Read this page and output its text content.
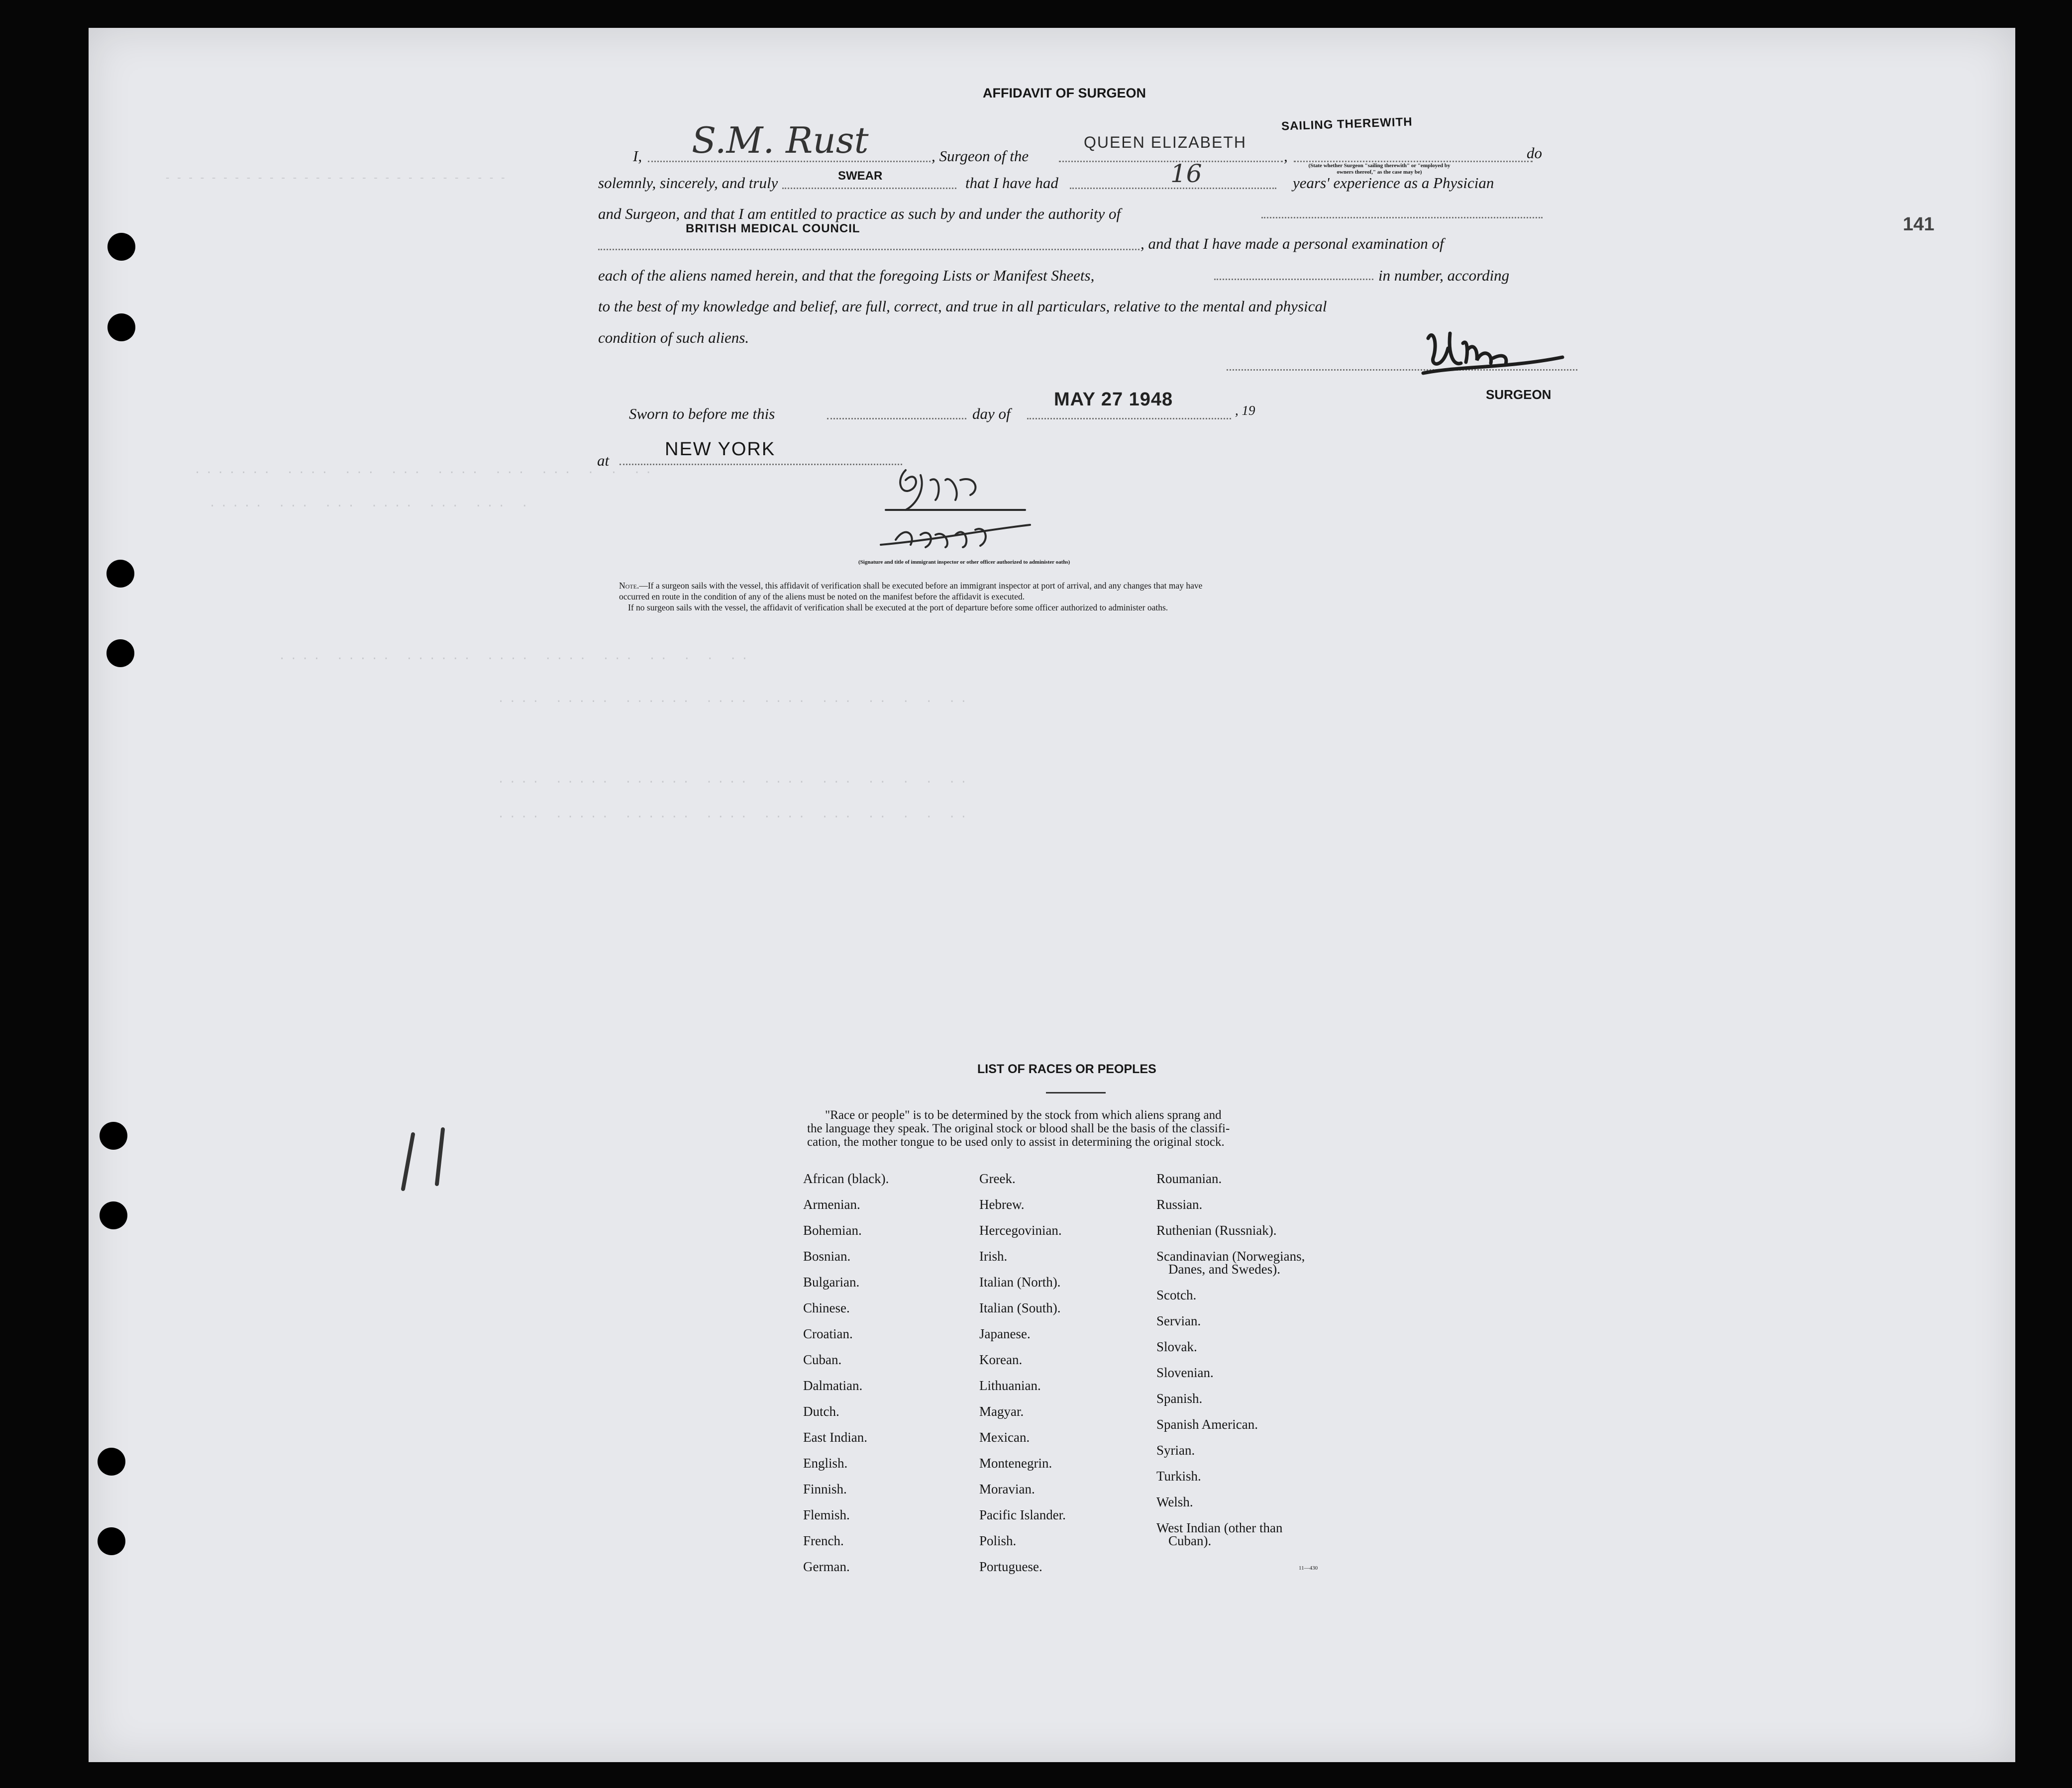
······· ···· ··· ··· ···· ··· ··· · · ··
····· ··· ··· ···· ··· ··· ·
···· ····· ······ ···· ···· ··· ·· · · ··
···· ····· ······ ···· ···· ··· ·· · · ··
···· ····· ······ ···· ···· ··· ·· · · ··
···· ····· ······ ···· ···· ··· ·· · · ··
------------------------------
141
AFFIDAVIT OF SURGEON
I, S.M. Rust	, Surgeon of the
QUEEN ELIZABETH
,
SAILING THEREWITH
do
(State whether Surgeon "sailing therewith" or "employed by owners thereof," as the case may be)
solemnly, sincerely, and truly	SWEAR	that I have had	16	years' experience as a Physician
and Surgeon, and that I am entitled to practice as such by and under the authority of
BRITISH MEDICAL COUNCIL
, and that I have made a personal examination of
each of the aliens named herein, and that the foregoing Lists or Manifest Sheets,	in number, according
to the best of my knowledge and belief, are full, correct, and true in all particulars, relative to the mental and physical
condition of such aliens.
SURGEON
Sworn to before me this	day of
MAY 27 1948
, 19
at
NEW YORK
(Signature and title of immigrant inspector or other officer authorized to administer oaths)
Note.—If a surgeon sails with the vessel, this affidavit of verification shall be executed before an immigrant inspector at port of arrival, and any changes that may have
occurred en route in the condition of any of the aliens must be noted on the manifest before the affidavit is executed.
If no surgeon sails with the vessel, the affidavit of verification shall be executed at the port of departure before some officer authorized to administer oaths.
LIST OF RACES OR PEOPLES
"Race or people" is to be determined by the stock from which aliens sprang and
the language they speak. The original stock or blood shall be the basis of the classifi-
cation, the mother tongue to be used only to assist in determining the original stock.
African (black).
Armenian.
Bohemian.
Bosnian.
Bulgarian.
Chinese.
Croatian.
Cuban.
Dalmatian.
Dutch.
East Indian.
English.
Finnish.
Flemish.
French.
German.
Greek.
Hebrew.
Hercegovinian.
Irish.
Italian (North).
Italian (South).
Japanese.
Korean.
Lithuanian.
Magyar.
Mexican.
Montenegrin.
Moravian.
Pacific Islander.
Polish.
Portuguese.
Roumanian.
Russian.
Ruthenian (Russniak).
Scandinavian (Norwegians,
Danes, and Swedes).
Scotch.
Servian.
Slovak.
Slovenian.
Spanish.
Spanish American.
Syrian.
Turkish.
Welsh.
West Indian (other than
Cuban).
11—430
